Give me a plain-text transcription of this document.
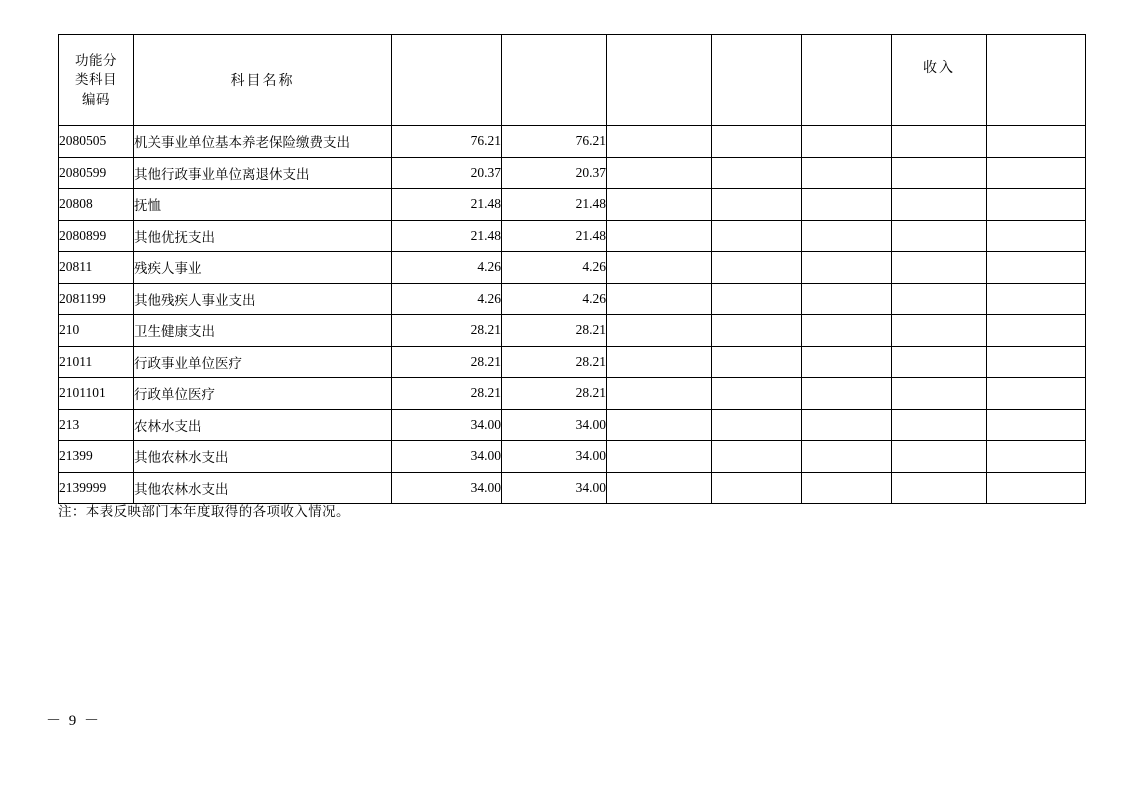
功能分
类科目
编码	科目名称						收入	

2080505	机关事业单位基本养老保险缴费支出	76.21	76.21					
2080599	其他行政事业单位离退休支出	20.37	20.37					
20808	抚恤	21.48	21.48					
2080899	其他优抚支出	21.48	21.48					
20811	残疾人事业	4.26	4.26					
2081199	其他残疾人事业支出	4.26	4.26					
210	卫生健康支出	28.21	28.21					
21011	行政事业单位医疗	28.21	28.21					
2101101	行政单位医疗	28.21	28.21					
213	农林水支出	34.00	34.00					
21399	其他农林水支出	34.00	34.00					
2139999	其他农林水支出	34.00	34.00					
注：本表反映部门本年度取得的各项收入情况。
－ 9 －
